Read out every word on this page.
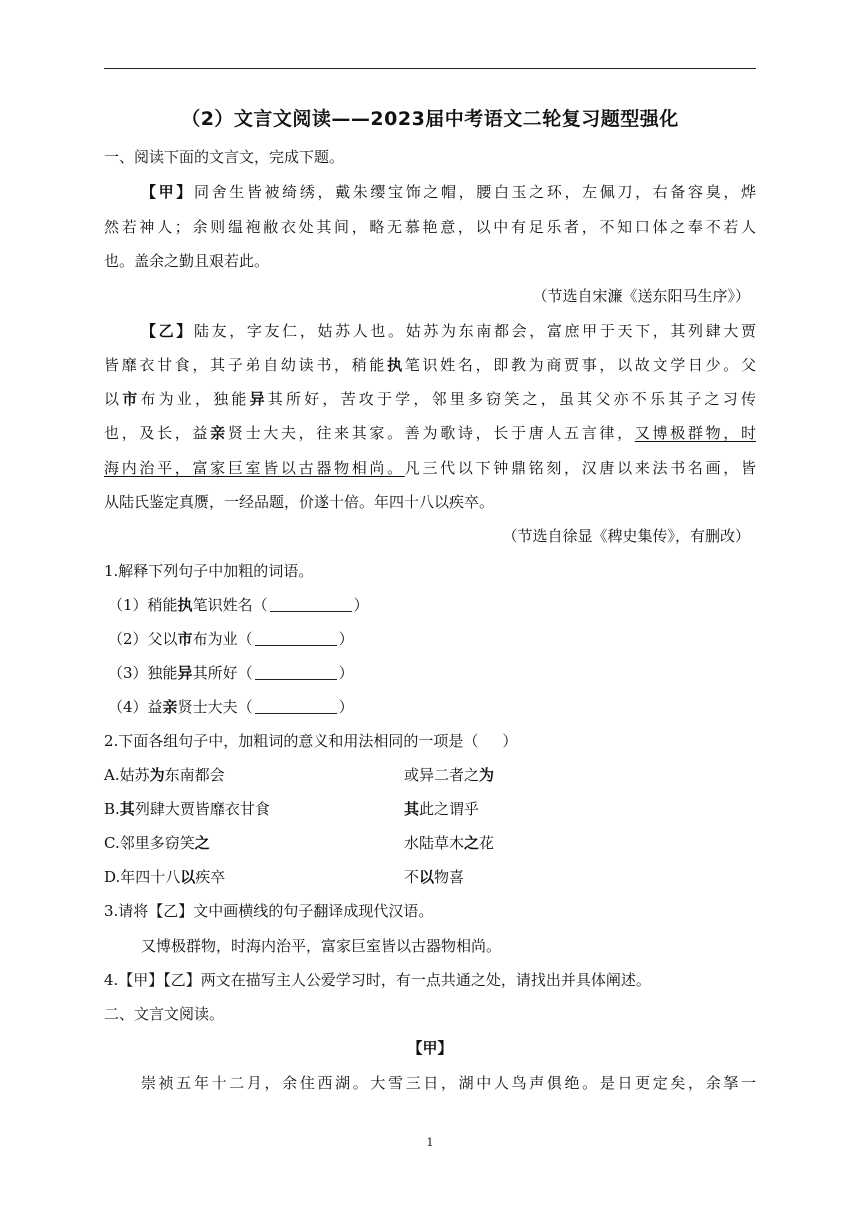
（2）文言文阅读——2023届中考语文二轮复习题型强化
一、阅读下面的文言文，完成下题。
【甲】同舍生皆被绮绣，戴朱缨宝饰之帽，腰白玉之环，左佩刀，右备容臭，烨
然若神人；余则缊袍敝衣处其间，略无慕艳意，以中有足乐者，不知口体之奉不若人
也。盖余之勤且艰若此。
（节选自宋濂《送东阳马生序》）
【乙】陆友，字友仁，姑苏人也。姑苏为东南都会，富庶甲于天下，其列肆大贾
皆靡衣甘食，其子弟自幼读书，稍能执笔识姓名，即教为商贾事，以故文学日少。父
以市布为业，独能异其所好，苦攻于学，邻里多窃笑之，虽其父亦不乐其子之习传
也，及长，益亲贤士大夫，往来其家。善为歌诗，长于唐人五言律，又博极群物，时
海内治平，富家巨室皆以古器物相尚。凡三代以下钟鼎铭刻，汉唐以来法书名画，皆
从陆氏鉴定真赝，一经品题，价遂十倍。年四十八以疾卒。
（节选自徐显《稗史集传》，有删改）
1.解释下列句子中加粗的词语。
（1）稍能执笔识姓名（	）
（2）父以市布为业（	）
（3）独能异其所好（	）
（4）益亲贤士大夫（	）
2.下面各组句子中，加粗词的意义和用法相同的一项是（ ）
A.姑苏为东南都会	或异二者之为
B.其列肆大贾皆靡衣甘食	其此之谓乎
C.邻里多窃笑之	水陆草木之花
D.年四十八以疾卒	不以物喜
3.请将【乙】文中画横线的句子翻译成现代汉语。
又博极群物，时海内治平，富家巨室皆以古器物相尚。
4.【甲】【乙】两文在描写主人公爱学习时，有一点共通之处，请找出并具体阐述。
二、文言文阅读。
【甲】
崇祯五年十二月，余住西湖。大雪三日，湖中人鸟声俱绝。是日更定矣，余拏一
1
